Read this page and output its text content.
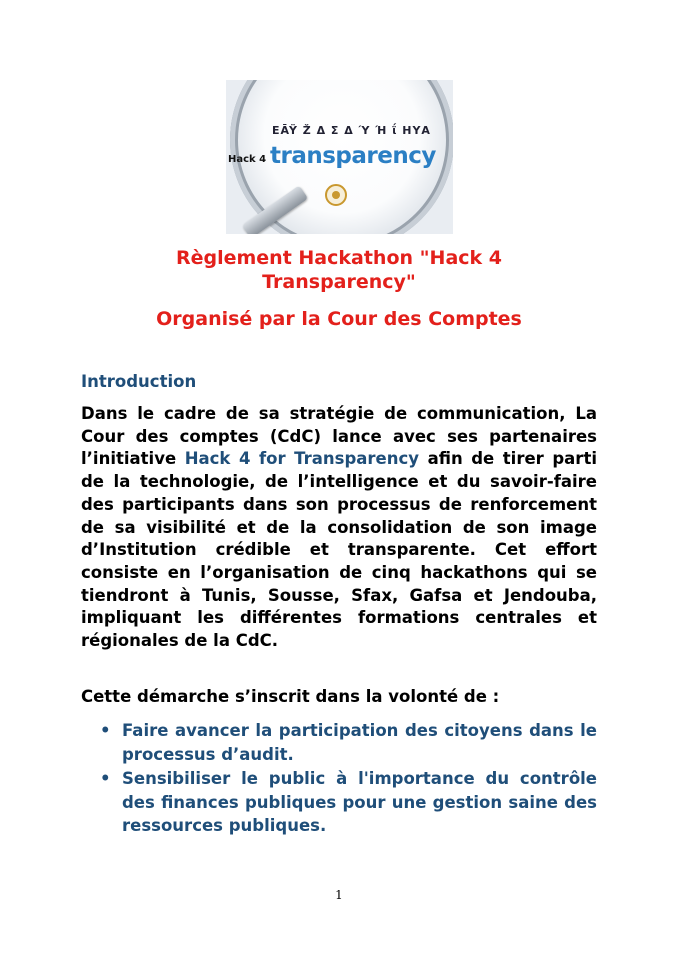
EĀŸ Ž Δ Σ Δ Ύ Ή ΐ ΗΥΑ
Hack 4 transparency
Règlement Hackathon "Hack 4 Transparency"
Organisé par la Cour des Comptes
Introduction
Dans le cadre de sa stratégie de communication, La Cour des comptes (CdC) lance avec ses partenaires l’initiative Hack 4 for Transparency afin de tirer parti de la technologie, de l’intelligence et du savoir-faire des participants dans son processus de renforcement de sa visibilité et de la consolidation de son image d’Institution crédible et transparente. Cet effort consiste en l’organisation de cinq hackathons qui se tiendront à Tunis, Sousse, Sfax, Gafsa et Jendouba, impliquant les différentes formations centrales et régionales de la CdC.
Cette démarche s’inscrit dans la volonté de :
• Faire avancer la participation des citoyens dans le processus d’audit.
• Sensibiliser le public à l'importance du contrôle des finances publiques pour une gestion saine des ressources publiques.
1
